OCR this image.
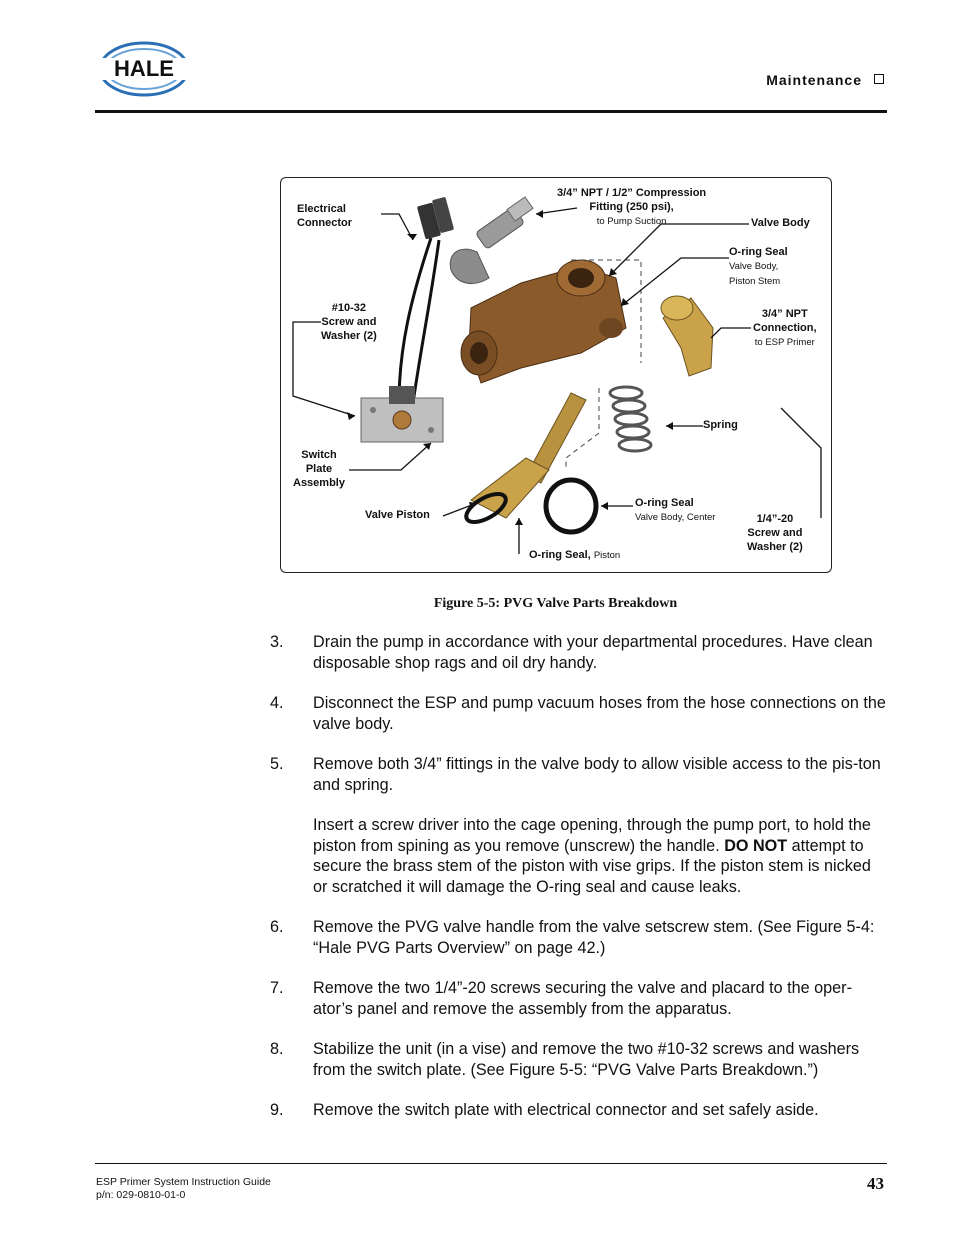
HALE	Maintenance
Electrical
Connector
3/4” NPT / 1/2” Compression
Fitting (250 psi),
to Pump Suction	Valve Body
O-ring Seal
Valve Body,
Piston Stem
#10-32
Screw and
Washer (2)
3/4” NPT
Connection,
to ESP Primer
Spring
Switch
Plate
Assembly
Valve Piston
O-ring Seal
Valve Body, Center	1/4”-20
Screw and
Washer (2)
O-ring Seal, Piston
Figure 5-5: PVG Valve Parts Breakdown
3.	Drain the pump in accordance with your departmental procedures. Have clean disposable shop rags and oil dry handy.
4.	Disconnect the ESP and pump vacuum hoses from the hose connections on the valve body.
5.	Remove both 3/4” fittings in the valve body to allow visible access to the pis-ton and spring.
Insert a screw driver into the cage opening, through the pump port, to hold the piston from spining as you remove (unscrew) the handle. DO NOT attempt to secure the brass stem of the piston with vise grips. If the piston stem is nicked or scratched it will damage the O-ring seal and cause leaks.
6.	Remove the PVG valve handle from the valve setscrew stem. (See Figure 5-4: “Hale PVG Parts Overview” on page 42.)
7.	Remove the two 1/4”-20 screws securing the valve and placard to the oper-ator’s panel and remove the assembly from the apparatus.
8.	Stabilize the unit (in a vise) and remove the two #10-32 screws and washers from the switch plate. (See Figure 5-5: “PVG Valve Parts Breakdown.”)
9.	Remove the switch plate with electrical connector and set safely aside.
ESP Primer System Instruction Guide
p/n: 029-0810-01-0
43
